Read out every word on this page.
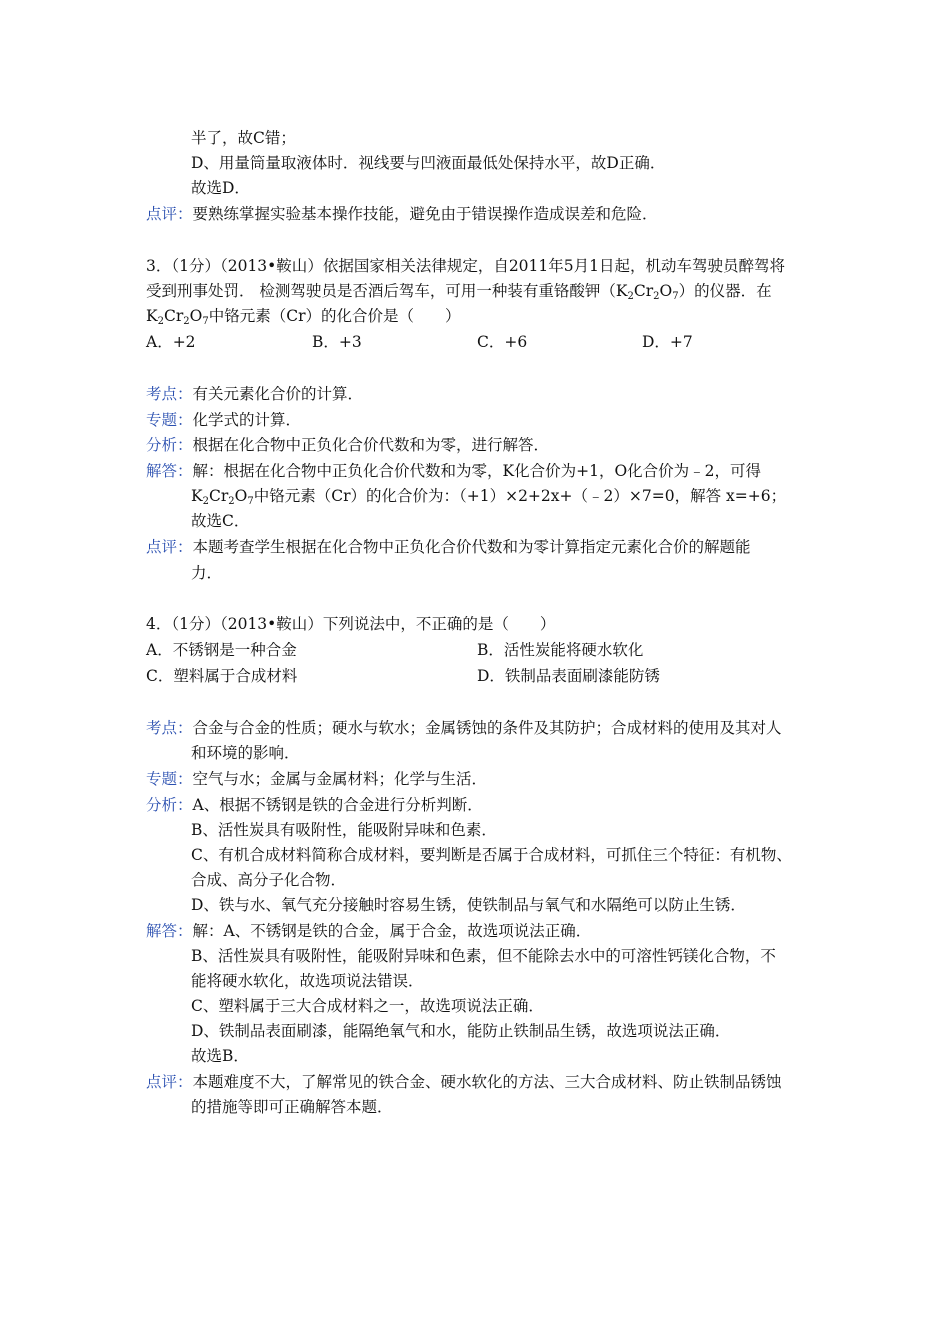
半了，故C错；
D、用量筒量取液体时．视线要与凹液面最低处保持水平，故D正确．
故选D．
点评：要熟练掌握实验基本操作技能，避免由于错误操作造成误差和危险．
3．（1分）（2013•鞍山）依据国家相关法律规定，自2011年5月1日起，机动车驾驶员醉驾将
受到刑事处罚． 检测驾驶员是否酒后驾车，可用一种装有重铬酸钾$(K_2Cr_2O_7)$的仪器．在
$K_2Cr_2O_7$中铬元素（Cr）的化合价是（　　）
A．+2	B．+3	C．+6	D．+7
考点：有关元素化合价的计算．
专题：化学式的计算．
分析：根据在化合物中正负化合价代数和为零，进行解答．
解答：解：根据在化合物中正负化合价代数和为零，K化合价为+1，O化合价为﹣2，可得
$K_2Cr_2O_7$中铬元素（Cr）的化合价为：（+1）×2+2x+（﹣2）×7=0，解答 x=+6；
故选C．
点评：本题考查学生根据在化合物中正负化合价代数和为零计算指定元素化合价的解题能
力．
4．（1分）（2013•鞍山）下列说法中，不正确的是（　　）
A．不锈钢是一种合金	B．活性炭能将硬水软化
C．塑料属于合成材料	D．铁制品表面刷漆能防锈
考点：合金与合金的性质；硬水与软水；金属锈蚀的条件及其防护；合成材料的使用及其对人
和环境的影响．
专题：空气与水；金属与金属材料；化学与生活．
分析：A、根据不锈钢是铁的合金进行分析判断．
B、活性炭具有吸附性，能吸附异味和色素．
C、有机合成材料简称合成材料，要判断是否属于合成材料，可抓住三个特征：有机物、
合成、高分子化合物．
D、铁与水、氧气充分接触时容易生锈，使铁制品与氧气和水隔绝可以防止生锈．
解答：解：A、不锈钢是铁的合金，属于合金，故选项说法正确．
B、活性炭具有吸附性，能吸附异味和色素，但不能除去水中的可溶性钙镁化合物，不
能将硬水软化，故选项说法错误．
C、塑料属于三大合成材料之一，故选项说法正确．
D、铁制品表面刷漆，能隔绝氧气和水，能防止铁制品生锈，故选项说法正确．
故选B．
点评：本题难度不大，了解常见的铁合金、硬水软化的方法、三大合成材料、防止铁制品锈蚀
的措施等即可正确解答本题．
